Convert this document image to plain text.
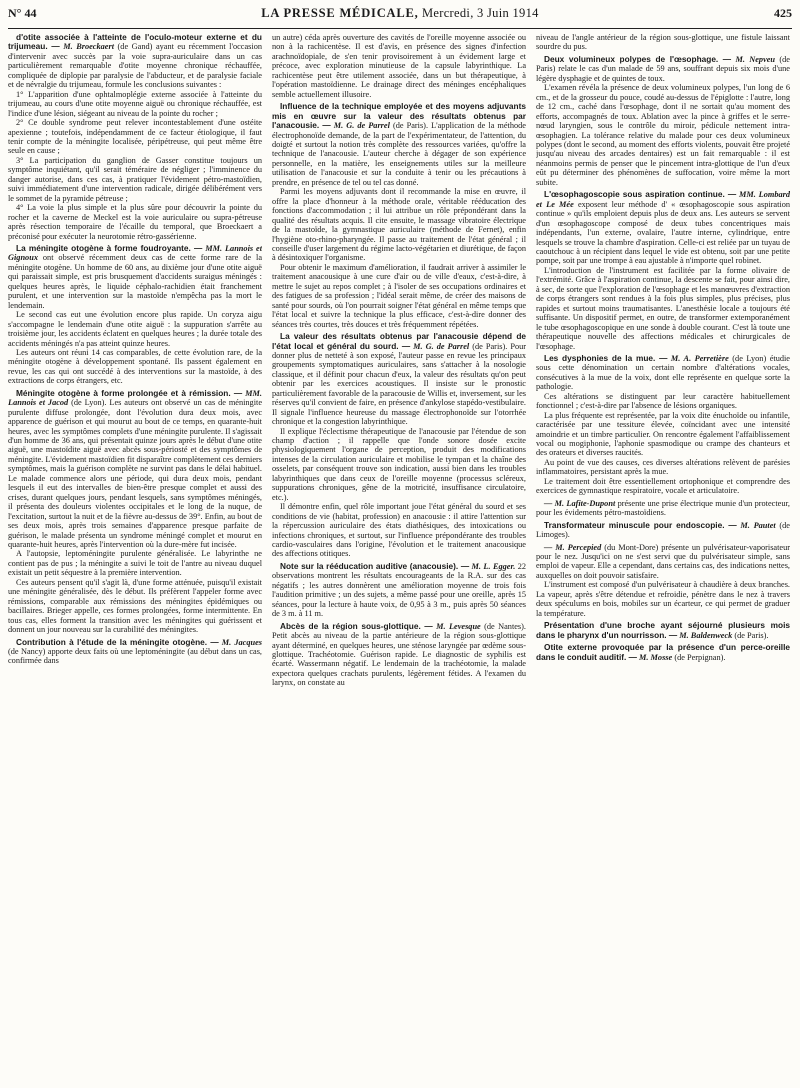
N° 44	LA PRESSE MÉDICALE, Mercredi, 3 Juin 1914	425

d'otite associée à l'atteinte de l'oculo-moteur externe et du trijumeau. — M. Broeckaert (de Gand) ayant eu récemment l'occasion d'intervenir avec succès par la voie supra-auriculaire dans un cas particulièrement remarquable d'otite moyenne chronique réchauffée, compliquée de diplopie par paralysie de l'abducteur, et de paralysie faciale et de névralgie du trijumeau, formule les conclusions suivantes :

1° L'apparition d'une ophtalmoplégie externe associée à l'atteinte du trijumeau, au cours d'une otite moyenne aiguë ou chronique réchauffée, est l'indice d'une lésion, siégeant au niveau de la pointe du rocher ;

2° Ce double syndrome peut relever incontestablement d'une ostéite apexienne ; toutefois, indépendamment de ce facteur étiologique, il faut tenir compte de la méningite localisée, péripétreuse, qui peut même être seule en cause ;

3° La participation du ganglion de Gasser constitue toujours un symptôme inquiétant, qu'il serait téméraire de négliger ; l'imminence du danger autorise, dans ces cas, à pratiquer l'évidement pétro-mastoïdien, suivi immédiatement d'une intervention radicale, dirigée délibérément vers le sommet de la pyramide pétreuse ;

4° La voie la plus simple et la plus sûre pour découvrir la pointe du rocher et la caverne de Meckel est la voie auriculaire ou supra-pétreuse après résection temporaire de l'écaille du temporal, que Broeckaert a préconisé pour exécuter la neurotomie rétro-gassérienne.

La méningite otogène à forme foudroyante. — MM. Lannois et Gignoux ont observé récemment deux cas de cette forme rare de la méningite otogène. Un homme de 60 ans, au dixième jour d'une otite aiguë qui paraissait simple, est pris brusquement d'accidents suraigus méningés : quelques heures après, le liquide céphalo-rachidien était franchement purulent, et une intervention sur la mastoïde n'empêcha pas la mort le lendemain.

Le second cas eut une évolution encore plus rapide. Un coryza aigu s'accompagne le lendemain d'une otite aiguë : la suppuration s'arrête au troisième jour, les accidents éclatent en quelques heures ; la durée totale des accidents méningés n'a pas atteint quinze heures.

Les auteurs ont réuni 14 cas comparables, de cette évolution rare, de la méningite otogène à développement spontané. Ils passent également en revue, les cas qui ont succédé à des interventions sur la mastoïde, à des extractions de corps étrangers, etc.

Méningite otogène à forme prolongée et à rémission. — MM. Lannois et Jacod (de Lyon). Les auteurs ont observé un cas de méningite purulente diffuse prolongée, dont l'évolution dura deux mois, avec apparence de guérison et qui mourut au bout de ce temps, en quarante-huit heures, avec les symptômes complets d'une méningite purulente. Il s'agissait d'un homme de 36 ans, qui présentait quinze jours après le début d'une otite aiguë, une mastoïdite aiguë avec abcès sous-périosté et des symptômes de méningite. L'évidement mastoïdien fit disparaître complètement ces derniers symptômes, mais la guérison complète ne survint pas dans le délai habituel. Le malade commence alors une période, qui dura deux mois, pendant lesquels il eut des intervalles de bien-être presque complet et aussi des crises, durant quelques jours, pendant lesquels, sans symptômes méningés, il présenta des douleurs violentes occipitales et le long de la nuque, de l'excitation, surtout la nuit et de la fièvre au-dessus de 39°. Enfin, au bout de ses deux mois, après trois semaines d'apparence presque parfaite de guérison, le malade présenta un syndrome méningé complet et mourut en quarante-huit heures, après l'intervention où la dure-mère fut incisée.

A l'autopsie, leptoméningite purulente généralisée. Le labyrinthe ne contient pas de pus ; la méningite a suivi le toit de l'antre au niveau duquel existait un petit séquestre à la première intervention.

Ces auteurs pensent qu'il s'agit là, d'une forme atténuée, puisqu'il existait une méningite généralisée, dès le début. Ils préfèrent l'appeler forme avec rémissions, comparable aux rémissions des méningites épidémiques ou bacillaires. Brieger appelle, ces formes prolongées, forme intermittente. En tous cas, elles forment la transition avec les méningites qui guérissent et donnent un jour nouveau sur la curabilité des méningites.

Contribution à l'étude de la méningite otogène. — M. Jacques (de Nancy) apporte deux faits où une leptoméningite (au début dans un cas, confirmée dans

un autre) céda après ouverture des cavités de l'oreille moyenne associée ou non à la rachicentèse. Il est d'avis, en présence des signes d'infection arachnoïdopiale, de s'en tenir provisoirement à un évidement large et précoce, avec exploration minutieuse de la capsule labyrinthique. La rachicentèse peut être utilement associée, dans un but thérapeutique, à l'opération mastoïdienne. Le drainage direct des méninges encéphaliques semble actuellement illusoire.

Influence de la technique employée et des moyens adjuvants mis en œuvre sur la valeur des résultats obtenus par l'anacousie. — M. G. de Parrel (de Paris). L'application de la méthode électrophonoïde demande, de la part de l'expérimentateur, de l'attention, du doigté et surtout la notion très complète des ressources variées, qu'offre la technique de l'anacousie. L'auteur cherche à dégager de son expérience personnelle, en la matière, les enseignements utiles sur la meilleure utilisation de l'anacousie et sur la conduite à tenir ou les précautions à prendre, en présence de tel ou tel cas donné.

Parmi les moyens adjuvants dont il recommande la mise en œuvre, il offre la place d'honneur à la méthode orale, véritable rééducation des fonctions d'accommodation ; il lui attribue un rôle prépondérant dans la qualité des résultats acquis. Il cite ensuite, le massage vibratoire électrique de la mastoïde, la gymnastique auriculaire (méthode de Fernet), enfin l'hygiène oto-rhino-pharyngée. Il passe au traitement de l'état général ; il conseille d'user largement du régime lacto-végétarien et diurétique, de façon à désintoxiquer l'organisme.

Pour obtenir le maximum d'amélioration, il faudrait arriver à assimiler le traitement anacousique à une cure d'air ou de ville d'eaux, c'est-à-dire, à mettre le sujet au repos complet ; à l'isoler de ses occupations ordinaires et des fatigues de sa profession ; l'idéal serait même, de créer des maisons de santé pour sourds, où l'on pourrait soigner l'état général en même temps que l'état local et suivre la technique la plus efficace, c'est-à-dire donner des séances très courtes, très douces et très fréquemment répétées.

La valeur des résultats obtenus par l'anacousie dépend de l'état local et général du sourd. — M. G. de Parrel (de Paris). Pour donner plus de netteté à son exposé, l'auteur passe en revue les principaux groupements symptomatiques auriculaires, sans s'attacher à la nosologie classique, et il définit pour chacun d'eux, la valeur des résultats qu'on peut obtenir par les exercices acoustiques. Il insiste sur le pronostic particulièrement favorable de la paracousie de Willis et, inversement, sur les réserves qu'il convient de faire, en présence d'ankylose stapédo-vestibulaire. Il signale l'influence heureuse du massage électrophonoïde sur l'otorrhée chronique et la congestion labyrinthique.

Il explique l'éclectisme thérapeutique de l'anacousie par l'étendue de son champ d'action ; il rappelle que l'onde sonore dosée excite physiologiquement l'organe de perception, produit des modifications intenses de la circulation auriculaire et mobilise le tympan et la chaîne des osselets, par conséquent trouve son indication, aussi bien dans les troubles labyrinthiques que dans ceux de l'oreille moyenne (processus scléreux, suppurations chroniques, gêne de la motricité, insuffisance circulatoire, etc.).

Il démontre enfin, quel rôle important joue l'état général du sourd et ses conditions de vie (habitat, profession) en anacousie : il attire l'attention sur la répercussion auriculaire des états diathésiques, des intoxications ou infections chroniques, et surtout, sur l'influence prépondérante des troubles cardio-vasculaires dans l'origine, l'évolution et le traitement anacousique des affections otitiques.

Note sur la rééducation auditive (anacousie). — M. L. Egger. 22 observations montrent les résultats encourageants de la R.A. sur des cas négatifs ; les autres donnèrent une amélioration moyenne de trois fois l'audition primitive ; un des sujets, a même passé pour une oreille, après 15 séances, pour la lecture à haute voix, de 0,95 à 3 m., puis après 50 séances de 3 m. à 11 m.

Abcès de la région sous-glottique. — M. Levesque (de Nantes). Petit abcès au niveau de la partie antérieure de la région sous-glottique ayant déterminé, en quelques heures, une sténose laryngée par œdème sous-glottique. Trachéotomie. Guérison rapide. Le diagnostic de syphilis est écarté. Wassermann négatif. Le lendemain de la trachéotomie, la malade expectora quelques crachats purulents, légèrement fétides. A l'examen du larynx, on constate au

niveau de l'angle antérieur de la région sous-glottique, une fistule laissant sourdre du pus.

Deux volumineux polypes de l'œsophage. — M. Nepveu (de Paris) relate le cas d'un malade de 59 ans, souffrant depuis six mois d'une légère dysphagie et de quintes de toux.

L'examen révéla la présence de deux volumineux polypes, l'un long de 6 cm., et de la grosseur du pouce, coudé au-dessus de l'épiglotte : l'autre, long de 12 cm., caché dans l'œsophage, dont il ne sortait qu'au moment des efforts, accompagnés de toux. Ablation avec la pince à griffes et le serre-nœud laryngien, sous le contrôle du miroir, pédicule nettement intra-œsophagien. La tolérance relative du malade pour ces deux volumineux polypes (dont le second, au moment des efforts violents, pouvait être projeté jusqu'au niveau des arcades dentaires) est un fait remarquable : il est néanmoins permis de penser que le pincement intra-glottique de l'un d'eux eût pu déterminer des phénomènes de suffocation, voire même la mort subite.

L'œsophagoscopie sous aspiration continue. — MM. Lombard et Le Mée exposent leur méthode d' « œsophagoscopie sous aspiration continue » qu'ils emploient depuis plus de deux ans. Les auteurs se servent d'un œsophagoscope composé de deux tubes concentriques mais indépendants, l'un externe, ovalaire, l'autre interne, cylindrique, entre lesquels se trouve la chambre d'aspiration. Celle-ci est reliée par un tuyau de caoutchouc à un récipient dans lequel le vide est obtenu, soit par une petite pompe, soit par une trompe à eau ajustable à n'importe quel robinet.

L'introduction de l'instrument est facilitée par la forme olivaire de l'extrémité. Grâce à l'aspiration continue, la descente se fait, pour ainsi dire, à sec, de sorte que l'exploration de l'œsophage et les manœuvres d'extraction de corps étrangers sont rendues à la fois plus simples, plus précises, plus rapides et surtout moins traumatisantes. L'anesthésie locale a toujours été suffisante. Un dispositif permet, en outre, de transformer extemporanément le tube œsophagoscopique en une sonde à double courant. C'est là toute une thérapeutique nouvelle des affections médicales et chirurgicales de l'œsophage.

Les dysphonies de la mue. — M. A. Perretière (de Lyon) étudie sous cette dénomination un certain nombre d'altérations vocales, consécutives à la mue de la voix, dont elle représente en quelque sorte la pathologie.

Ces altérations se distinguent par leur caractère habituellement fonctionnel ; c'est-à-dire par l'absence de lésions organiques.

La plus fréquente est représentée, par la voix dite énuchoïde ou infantile, caractérisée par une tessiture élevée, coïncidant avec une intensité amoindrie et un timbre particulier. On rencontre également l'affaiblissement vocal ou mogiphonie, l'aphonie spasmodique ou crampe des chanteurs et des orateurs et diverses raucités.

Au point de vue des causes, ces diverses altérations relèvent de parésies inflammatoires, persistant après la mue.

Le traitement doit être essentiellement ortophonique et comprendre des exercices de gymnastique respiratoire, vocale et articulatoire.

— M. Lafite-Dupont présente une prise électrique munie d'un protecteur, pour les évidements pétro-mastoïdiens.

Transformateur minuscule pour endoscopie. — M. Pautet (de Limoges).

— M. Percepied (du Mont-Dore) présente un pulvérisateur-vaporisateur pour le nez. Jusqu'ici on ne s'est servi que du pulvérisateur simple, sans emploi de vapeur. Elle a cependant, dans certains cas, des indications nettes, auxquelles on doit pouvoir satisfaire.

L'instrument est composé d'un pulvérisateur à chaudière à deux branches. La vapeur, après s'être détendue et refroidie, pénètre dans le nez à travers deux spéculums en bois, mobiles sur un écarteur, ce qui permet de graduer la température.

Présentation d'une broche ayant séjourné plusieurs mois dans le pharynx d'un nourrisson. — M. Baldenweck (de Paris).

Otite externe provoquée par la présence d'un perce-oreille dans le conduit auditif. — M. Mosse (de Perpignan).
